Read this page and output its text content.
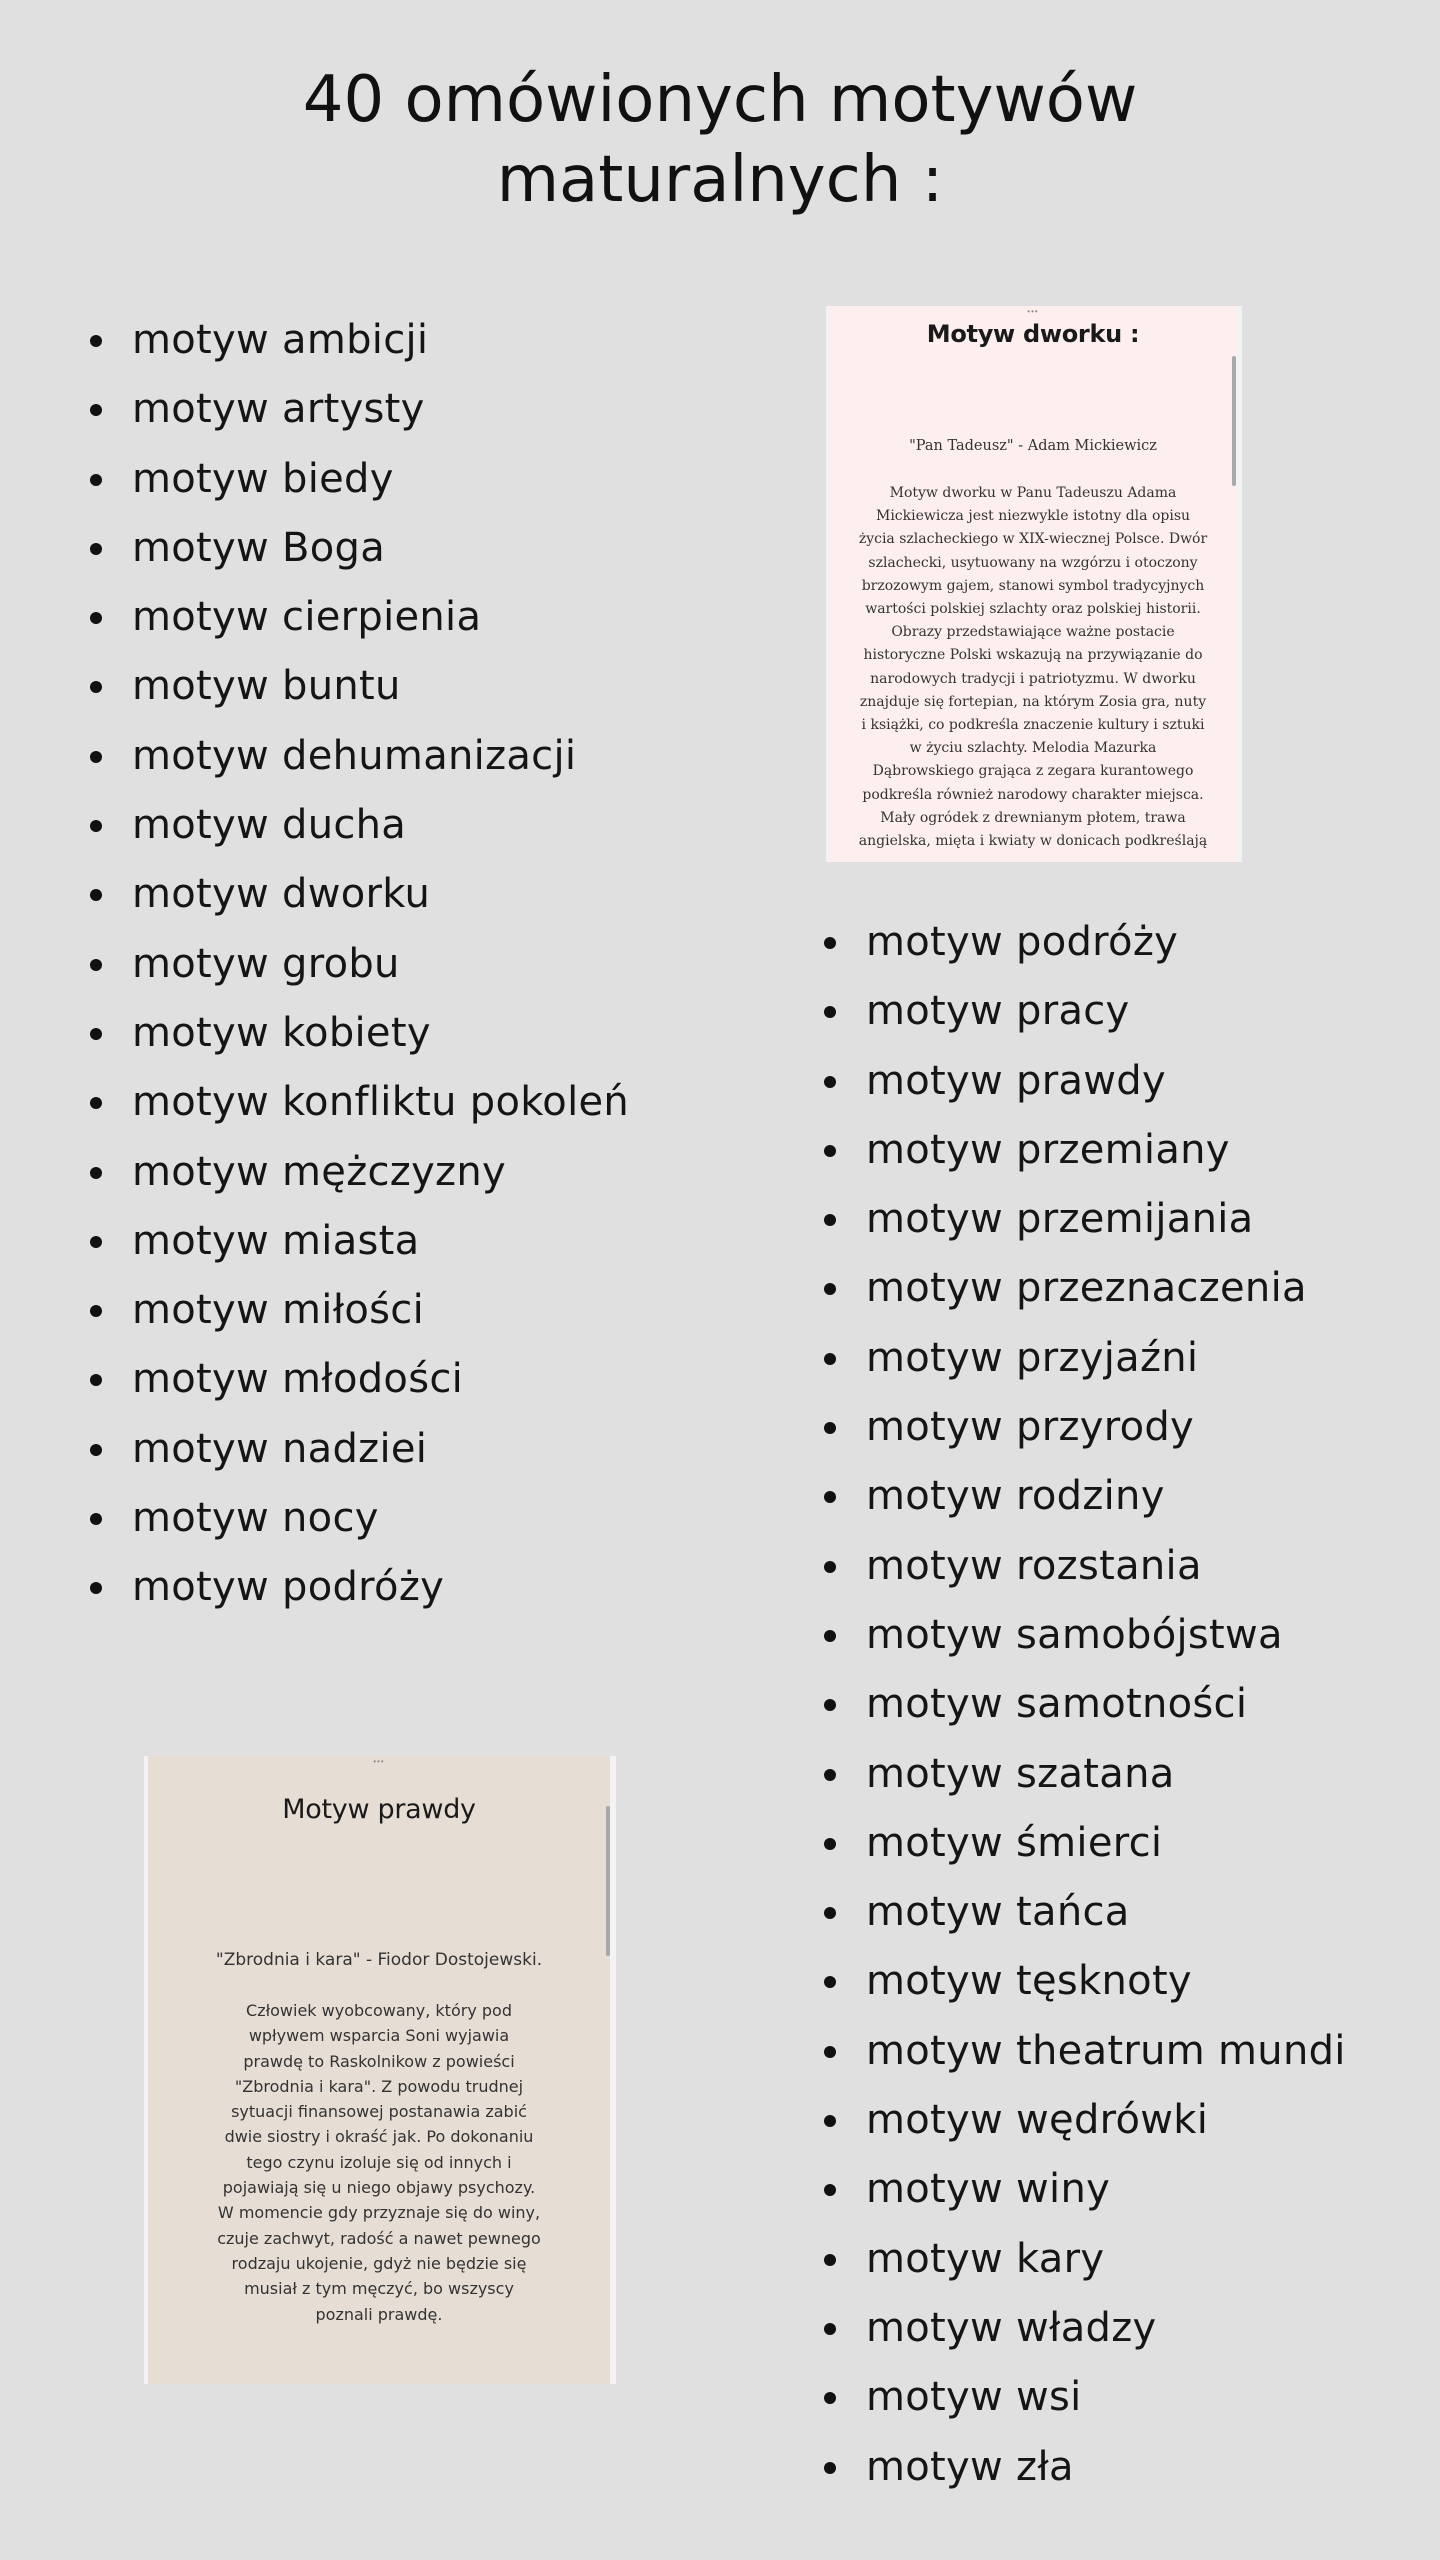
40 omówionych motywów
maturalnych :
motyw ambicji
motyw artysty
motyw biedy
motyw Boga
motyw cierpienia
motyw buntu
motyw dehumanizacji
motyw ducha
motyw dworku
motyw grobu
motyw kobiety
motyw konfliktu pokoleń
motyw mężczyzny
motyw miasta
motyw miłości
motyw młodości
motyw nadziei
motyw nocy
motyw podróży
•••
Motyw dworku :
"Pan Tadeusz" - Adam Mickiewicz
Motyw dworku w Panu Tadeuszu Adama
Mickiewicza jest niezwykle istotny dla opisu
życia szlacheckiego w XIX-wiecznej Polsce. Dwór
szlachecki, usytuowany na wzgórzu i otoczony
brzozowym gajem, stanowi symbol tradycyjnych
wartości polskiej szlachty oraz polskiej historii.
Obrazy przedstawiające ważne postacie
historyczne Polski wskazują na przywiązanie do
narodowych tradycji i patriotyzmu. W dworku
znajduje się fortepian, na którym Zosia gra, nuty
i książki, co podkreśla znaczenie kultury i sztuki
w życiu szlachty. Melodia Mazurka
Dąbrowskiego grająca z zegara kurantowego
podkreśla również narodowy charakter miejsca.
Mały ogródek z drewnianym płotem, trawa
angielska, mięta i kwiaty w donicach podkreślają
motyw podróży
motyw pracy
motyw prawdy
motyw przemiany
motyw przemijania
motyw przeznaczenia
motyw przyjaźni
motyw przyrody
motyw rodziny
motyw rozstania
motyw samobójstwa
motyw samotności
motyw szatana
motyw śmierci
motyw tańca
motyw tęsknoty
motyw theatrum mundi
motyw wędrówki
motyw winy
motyw kary
motyw władzy
motyw wsi
motyw zła
•••
Motyw prawdy
"Zbrodnia i kara" - Fiodor Dostojewski.
Człowiek wyobcowany, który pod
wpływem wsparcia Soni wyjawia
prawdę to Raskolnikow z powieści
"Zbrodnia i kara". Z powodu trudnej
sytuacji finansowej postanawia zabić
dwie siostry i okraść jak. Po dokonaniu
tego czynu izoluje się od innych i
pojawiają się u niego objawy psychozy.
W momencie gdy przyznaje się do winy,
czuje zachwyt, radość a nawet pewnego
rodzaju ukojenie, gdyż nie będzie się
musiał z tym męczyć, bo wszyscy
poznali prawdę.
